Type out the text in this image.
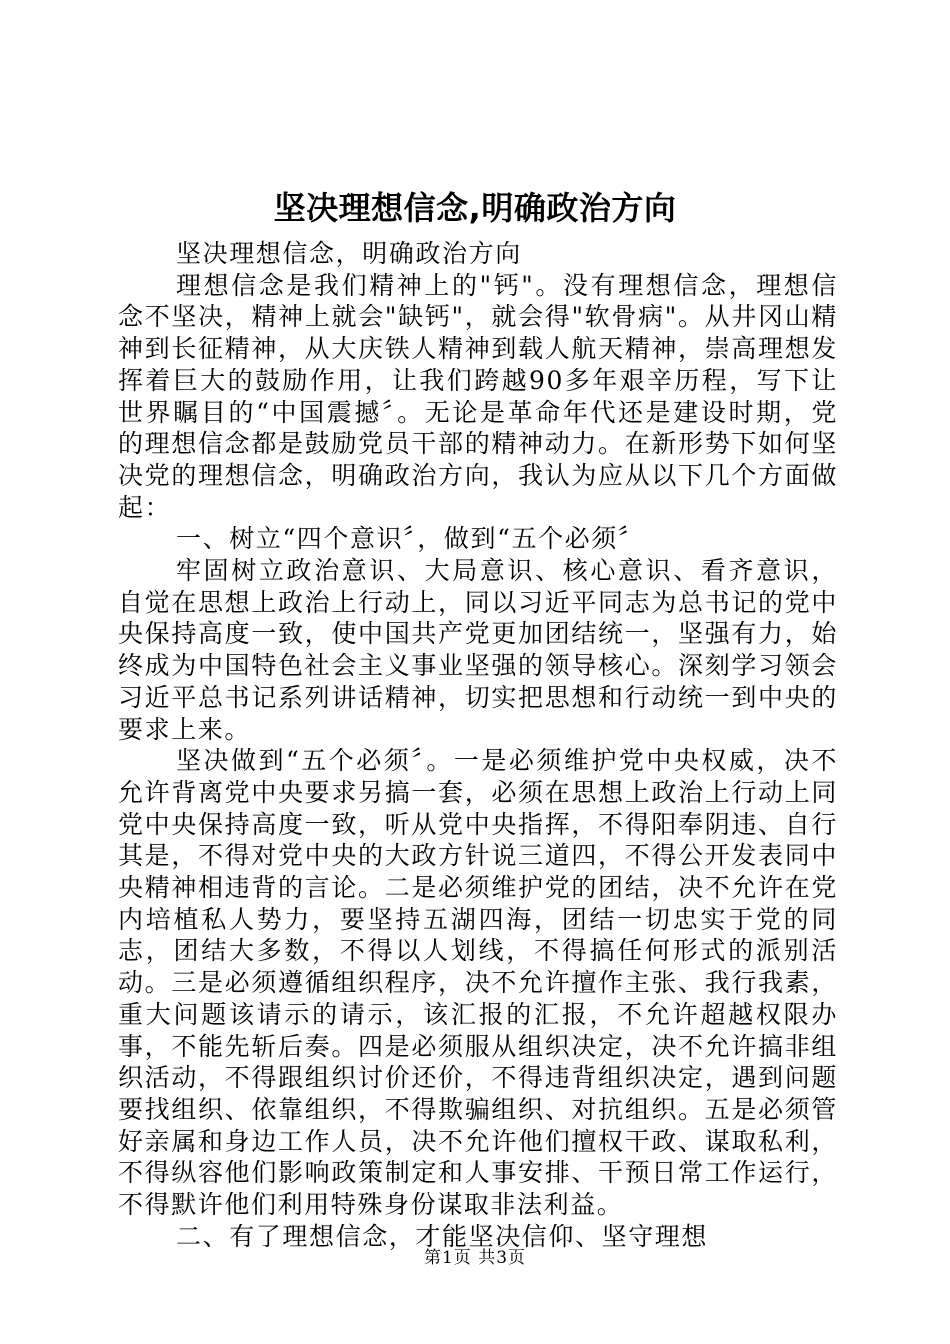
坚决理想信念,明确政治方向

坚决理想信念，明确政治方向

理想信念是我们精神上的"钙"。没有理想信念，理想信念不坚决，精神上就会"缺钙"，就会得"软骨病"。从井冈山精神到长征精神，从大庆铁人精神到载人航天精神，崇高理想发挥着巨大的鼓励作用，让我们跨越90多年艰辛历程，写下让世界瞩目的“中国震撼〞。无论是革命年代还是建设时期，党的理想信念都是鼓励党员干部的精神动力。在新形势下如何坚决党的理想信念，明确政治方向，我认为应从以下几个方面做起：

一、树立“四个意识〞，做到“五个必须〞

牢固树立政治意识、大局意识、核心意识、看齐意识，自觉在思想上政治上行动上，同以习近平同志为总书记的党中央保持高度一致，使中国共产党更加团结统一，坚强有力，始终成为中国特色社会主义事业坚强的领导核心。深刻学习领会习近平总书记系列讲话精神，切实把思想和行动统一到中央的要求上来。

坚决做到“五个必须〞。一是必须维护党中央权威，决不允许背离党中央要求另搞一套，必须在思想上政治上行动上同党中央保持高度一致，听从党中央指挥，不得阳奉阴违、自行其是，不得对党中央的大政方针说三道四，不得公开发表同中央精神相违背的言论。二是必须维护党的团结，决不允许在党内培植私人势力，要坚持五湖四海，团结一切忠实于党的同志，团结大多数，不得以人划线，不得搞任何形式的派别活动。三是必须遵循组织程序，决不允许擅作主张、我行我素，重大问题该请示的请示，该汇报的汇报，不允许超越权限办事，不能先斩后奏。四是必须服从组织决定，决不允许搞非组织活动，不得跟组织讨价还价，不得违背组织决定，遇到问题要找组织、依靠组织，不得欺骗组织、对抗组织。五是必须管好亲属和身边工作人员，决不允许他们擅权干政、谋取私利，不得纵容他们影响政策制定和人事安排、干预日常工作运行，不得默许他们利用特殊身份谋取非法利益。

二、有了理想信念，才能坚决信仰、坚守理想

第1页 共3页
